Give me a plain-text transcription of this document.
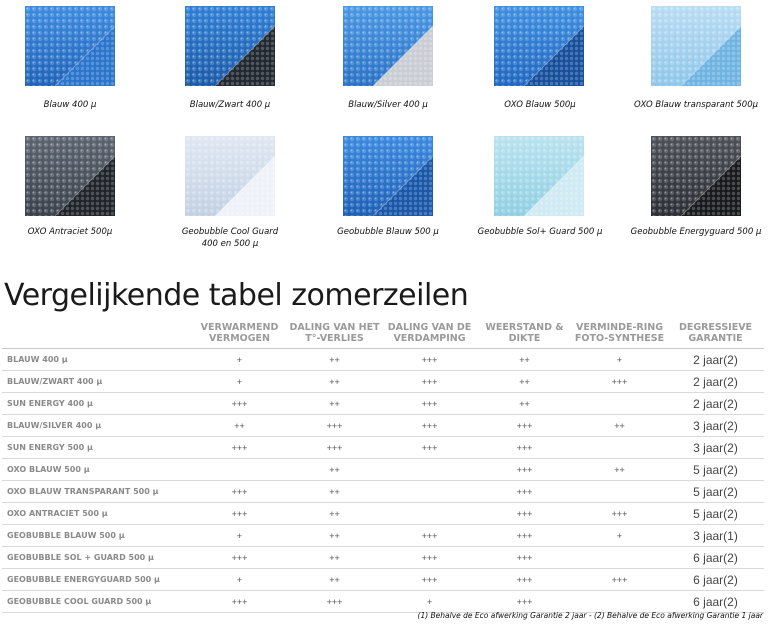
Blauw 400 µ	Blauw/Zwart 400 µ	Blauw/Silver 400 µ	OXO Blauw 500µ	OXO Blauw transparant 500µ
OXO Antraciet 500µ	Geobubble Cool Guard
400 en 500 µ
Geobubble Blauw 500 µ	Geobubble Sol+ Guard 500 µ	Geobubble Energyguard 500 µ
Vergelijkende tabel zomerzeilen
	VERWARMEND VERMOGEN	DALING VAN HET T°-VERLIES	DALING VAN DE VERDAMPING	WEERSTAND & DIKTE	VERMINDE-RING FOTO-SYNTHESE	DEGRESSIEVE GARANTIE
BLAUW 400 µ	+	++	+++	++	+	2 jaar(2)
BLAUW/ZWART 400 µ	+	++	+++	++	+++	2 jaar(2)
SUN ENERGY 400 µ	+++	++	+++	++		2 jaar(2)
BLAUW/SILVER 400 µ	++	+++	+++	+++	++	3 jaar(2)
SUN ENERGY 500 µ	+++	+++	+++	+++		3 jaar(2)
OXO BLAUW 500 µ		++		+++	++	5 jaar(2)
OXO BLAUW TRANSPARANT 500 µ	+++	++		+++		5 jaar(2)
OXO ANTRACIET 500 µ	+++	++		+++	+++	5 jaar(2)
GEOBUBBLE BLAUW 500 µ	+	++	+++	+++	+	3 jaar(1)
GEOBUBBLE SOL + GUARD 500 µ	+++	++	+++	+++		6 jaar(2)
GEOBUBBLE ENERGYGUARD 500 µ	+	++	+++	+++	+++	6 jaar(2)
GEOBUBBLE COOL GUARD 500 µ	+++	+++	+	+++		6 jaar(2)
(1) Behalve de Eco afwerking Garantie 2 jaar - (2) Behalve de Eco afwerking Garantie 1 jaar
